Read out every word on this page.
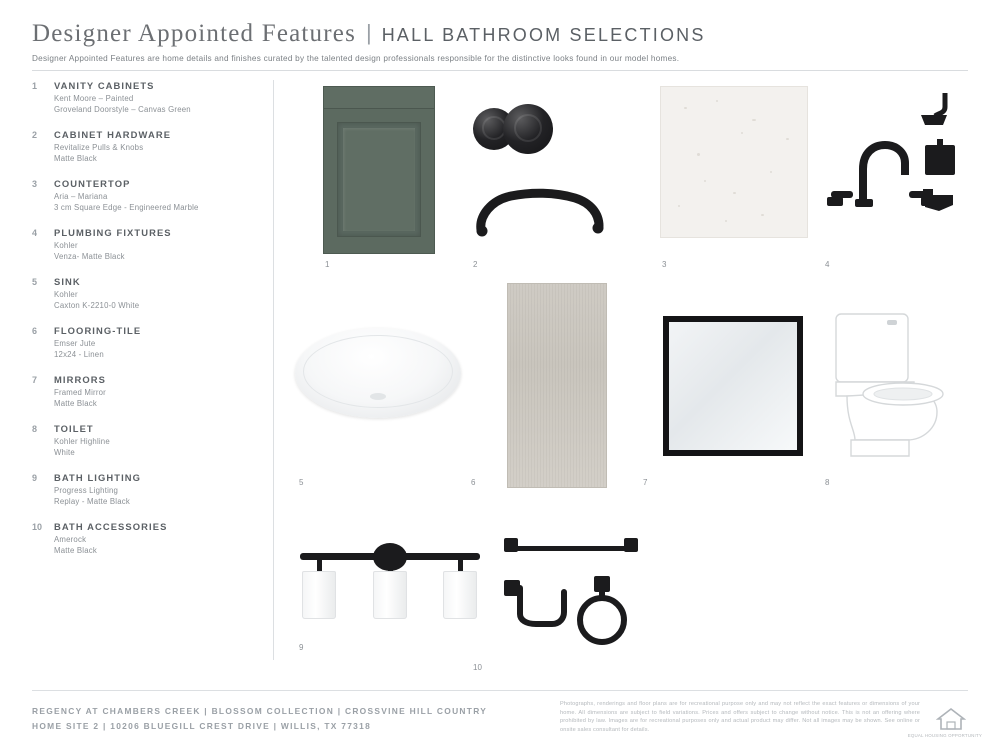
Designer Appointed Features | HALL BATHROOM SELECTIONS
Designer Appointed Features are home details and finishes curated by the talented design professionals responsible for the distinctive looks found in our model homes.
1	VANITY CABINETS
Kent Moore – Painted
Groveland Doorstyle – Canvas Green
2	CABINET HARDWARE
Revitalize Pulls & Knobs
Matte Black
3	COUNTERTOP
Aria – Mariana
3 cm Square Edge - Engineered Marble
4	PLUMBING FIXTURES
Kohler
Venza- Matte Black
5	SINK
Kohler
Caxton K-2210-0 White
6	FLOORING-TILE
Emser Jute
12x24 - Linen
7	MIRRORS
Framed Mirror
Matte Black
8	TOILET
Kohler Highline
White
9	BATH LIGHTING
Progress Lighting
Replay - Matte Black
10	BATH ACCESSORIES
Amerock
Matte Black
1	2	3	4
5	6	7	8
9
10
REGENCY AT CHAMBERS CREEK | BLOSSOM COLLECTION | CROSSVINE HILL COUNTRY
HOME SITE 2 | 10206 BLUEGILL CREST DRIVE | WILLIS, TX 77318
Photographs, renderings and floor plans are for recreational purpose only and may not reflect the exact features or dimensions of your home. All dimensions are subject to field variations. Prices and offers subject to change without notice. This is not an offering where prohibited by law. Images are for recreational purposes only and actual product may differ. Not all images may be shown. See online or onsite sales consultant for details.
EQUAL HOUSING OPPORTUNITY
